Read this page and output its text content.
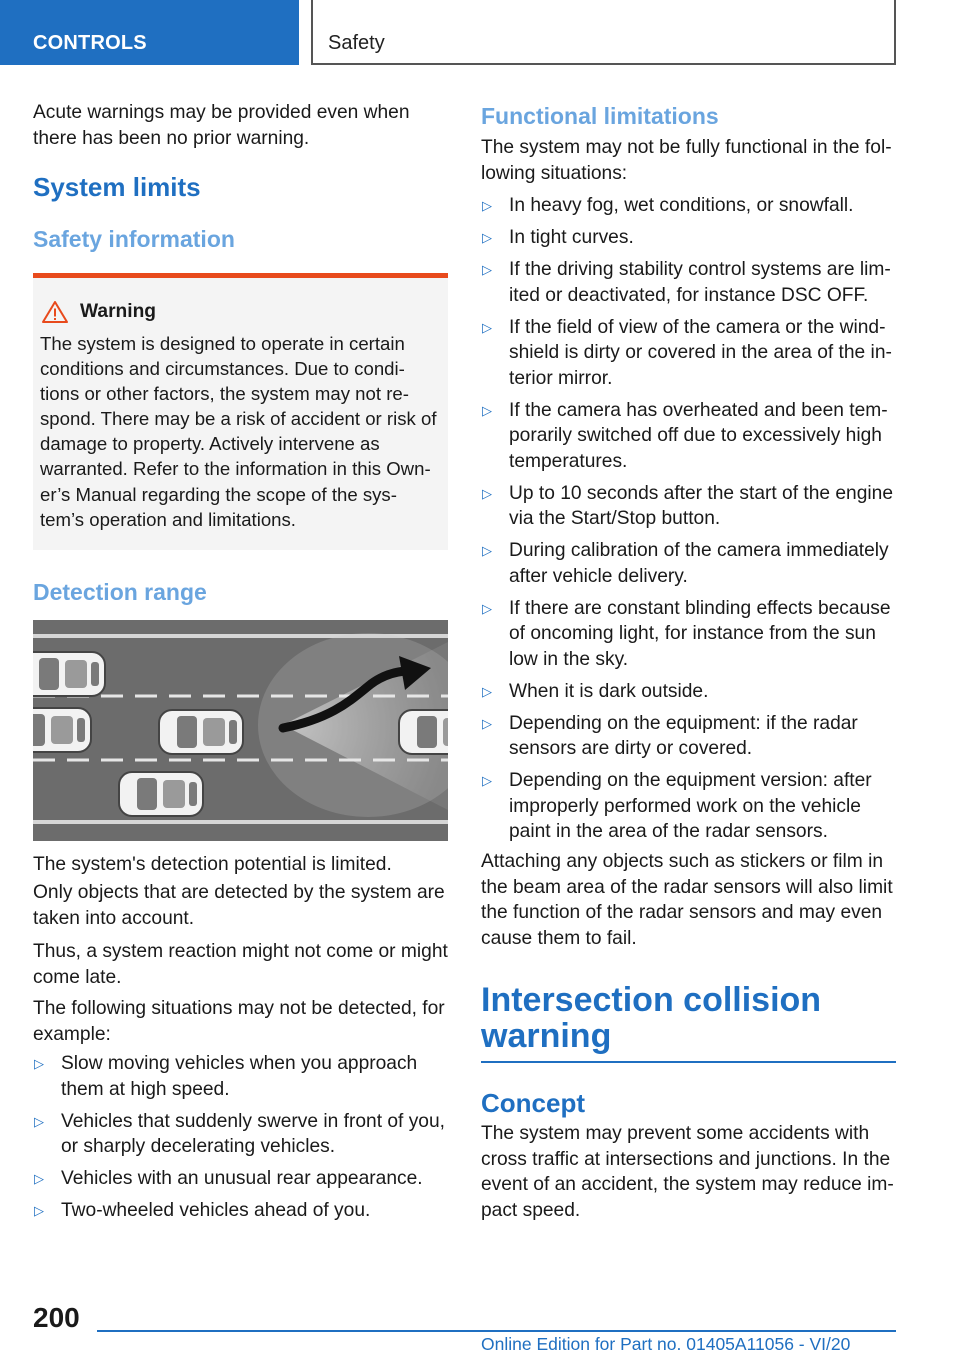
CONTROLS	Safety

Acute warnings may be provided even when there has been no prior warning.

System limits
Safety information
Warning

The system is designed to operate in certain conditions and circumstances. Due to condi-tions or other factors, the system may not re-spond. There may be a risk of accident or risk of damage to property. Actively intervene as warranted. Refer to the information in this Own-er’s Manual regarding the scope of the sys-tem’s operation and limitations.

Detection range

The system's detection potential is limited.

Only objects that are detected by the system are taken into account.

Thus, a system reaction might not come or might come late.

The following situations may not be detected, for example:

▷ Slow moving vehicles when you approach them at high speed.
▷ Vehicles that suddenly swerve in front of you, or sharply decelerating vehicles.
▷ Vehicles with an unusual rear appearance.
▷ Two-wheeled vehicles ahead of you.
Functional limitations

The system may not be fully functional in the fol-lowing situations:

▷ In heavy fog, wet conditions, or snowfall.
▷ In tight curves.
▷ If the driving stability control systems are lim-ited or deactivated, for instance DSC OFF.
▷ If the field of view of the camera or the wind-shield is dirty or covered in the area of the in-terior mirror.
▷ If the camera has overheated and been tem-porarily switched off due to excessively high temperatures.
▷ Up to 10 seconds after the start of the engine via the Start/Stop button.
▷ During calibration of the camera immediately after vehicle delivery.
▷ If there are constant blinding effects because of oncoming light, for instance from the sun low in the sky.
▷ When it is dark outside.
▷ Depending on the equipment: if the radar sensors are dirty or covered.
▷ Depending on the equipment version: after improperly performed work on the vehicle paint in the area of the radar sensors.

Attaching any objects such as stickers or film in the beam area of the radar sensors will also limit the function of the radar sensors and may even cause them to fail.

Intersection collision warning
Concept

The system may prevent some accidents with cross traffic at intersections and junctions. In the event of an accident, the system may reduce im-pact speed.

200
Online Edition for Part no. 01405A11056 - VI/20
